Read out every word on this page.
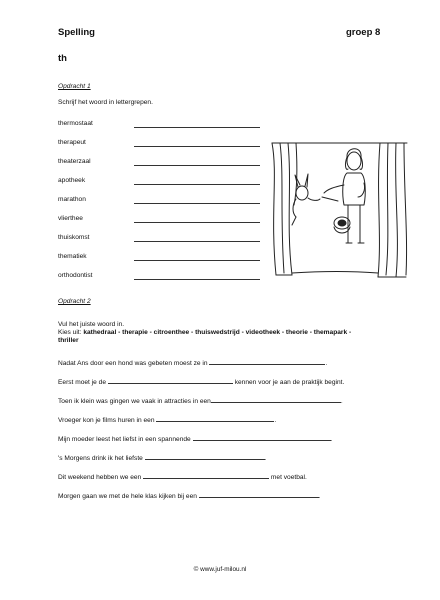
Spelling	groep 8
th
Opdracht 1
Schrijf het woord in lettergrepen.
thermostaat
therapeut
theaterzaal
apotheek
marathon
vliertheе
thuiskomst
thematiek
orthodontist
Opdracht 2
Vul het juiste woord in.
Kies uit: kathedraal - therapie - citroenthee - thuiswedstrijd - videotheek - theorie - themapark -
thriller
Nadat Ans door een hond was gebeten moest ze in	.
Eerst moet je de	kennen voor je aan de praktijk begint.
Toen ik klein was gingen we vaak in attracties in een	.
Vroeger kon je films huren in een	.
Mijn moeder leest het liefst in een spannende	.
's Morgens drink ik het liefste	.
Dit weekend hebben we een	met voetbal.
Morgen gaan we met de hele klas kijken bij een	.
© www.juf-milou.nl
